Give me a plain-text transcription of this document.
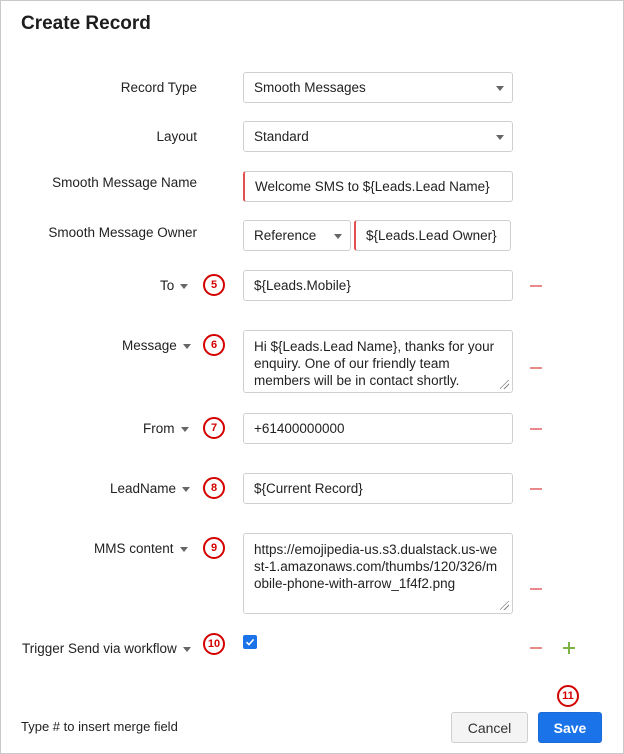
Create Record
Record Type	Smooth Messages
Layout	Standard
Smooth Message Name	Welcome SMS to ${Leads.Lead Name}
Smooth Message Owner	Reference	${Leads.Lead Owner}
To	5	${Leads.Mobile}
Message	6	Hi ${Leads.Lead Name}, thanks for your enquiry. One of our friendly team members will be in contact shortly.
From	7	+61400000000
LeadName	8	${Current Record}
MMS content	9	https://emojipedia-us.s3.dualstack.us-west-1.amazonaws.com/thumbs/120/326/mobile-phone-with-arrow_1f4f2.png
Trigger Send via workflow	10
Type # to insert merge field	Cancel
11
Save
